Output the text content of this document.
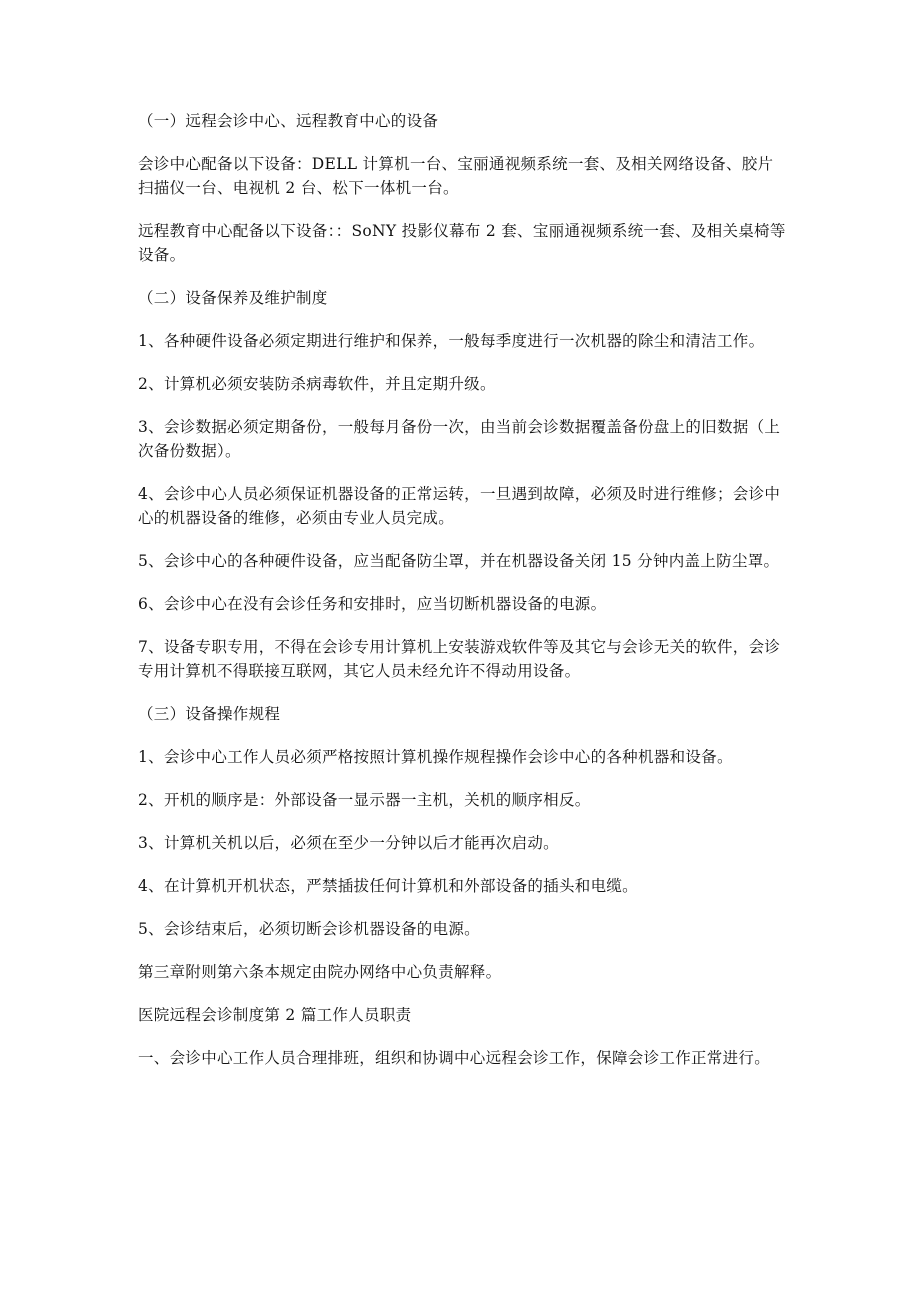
（一）远程会诊中心、远程教育中心的设备

会诊中心配备以下设备：DELL 计算机一台、宝丽通视频系统一套、及相关网络设备、胶片扫描仪一台、电视机 2 台、松下一体机一台。

远程教育中心配备以下设备：：SoNY 投影仪幕布 2 套、宝丽通视频系统一套、及相关桌椅等设备。

（二）设备保养及维护制度

1、各种硬件设备必须定期进行维护和保养，一般每季度进行一次机器的除尘和清洁工作。

2、计算机必须安装防杀病毒软件，并且定期升级。

3、会诊数据必须定期备份，一般每月备份一次，由当前会诊数据覆盖备份盘上的旧数据（上次备份数据）。

4、会诊中心人员必须保证机器设备的正常运转，一旦遇到故障，必须及时进行维修；会诊中心的机器设备的维修，必须由专业人员完成。

5、会诊中心的各种硬件设备，应当配备防尘罩，并在机器设备关闭 15 分钟内盖上防尘罩。

6、会诊中心在没有会诊任务和安排时，应当切断机器设备的电源。

7、设备专职专用，不得在会诊专用计算机上安装游戏软件等及其它与会诊无关的软件，会诊专用计算机不得联接互联网，其它人员未经允许不得动用设备。

（三）设备操作规程

1、会诊中心工作人员必须严格按照计算机操作规程操作会诊中心的各种机器和设备。

2、开机的顺序是：外部设备一显示器一主机，关机的顺序相反。

3、计算机关机以后，必须在至少一分钟以后才能再次启动。

4、在计算机开机状态，严禁插拔任何计算机和外部设备的插头和电缆。

5、会诊结束后，必须切断会诊机器设备的电源。

第三章附则第六条本规定由院办网络中心负责解释。

医院远程会诊制度第 2 篇工作人员职责

一、会诊中心工作人员合理排班，组织和协调中心远程会诊工作，保障会诊工作正常进行。
